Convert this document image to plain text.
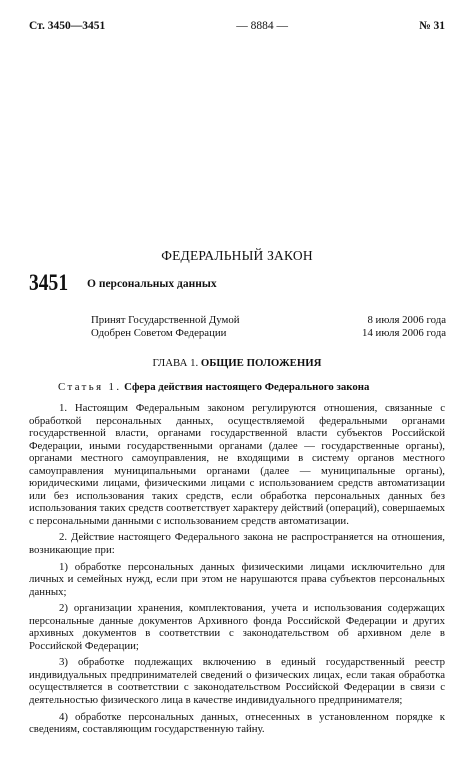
Ст. 3450—3451	— 8884 —	№ 31
ФЕДЕРАЛЬНЫЙ ЗАКОН
3451 О персональных данных
Принят Государственной Думой	8 июля 2006 года
Одобрен Советом Федерации	14 июля 2006 года
ГЛАВА 1. ОБЩИЕ ПОЛОЖЕНИЯ
Статья 1. Сфера действия настоящего Федерального закона

1. Настоящим Федеральным законом регулируются отношения, связанные с обработкой персональных данных, осуществляемой федеральными органами государственной власти, органами государственной власти субъектов Российской Федерации, иными государственными органами (далее — государственные органы), органами местного самоуправления, не входящими в систему органов местного самоуправления муниципальными органами (далее — муниципальные органы), юридическими лицами, физическими лицами с использованием средств автоматизации или без использования таких средств, если обработка персональных данных без использования таких средств соответствует характеру действий (операций), совершаемых с персональными данными с использованием средств автоматизации.

2. Действие настоящего Федерального закона не распространяется на отношения, возникающие при:

1) обработке персональных данных физическими лицами исключительно для личных и семейных нужд, если при этом не нарушаются права субъектов персональных данных;

2) организации хранения, комплектования, учета и использования содержащих персональные данные документов Архивного фонда Российской Федерации и других архивных документов в соответствии с законодательством об архивном деле в Российской Федерации;

3) обработке подлежащих включению в единый государственный реестр индивидуальных предпринимателей сведений о физических лицах, если такая обработка осуществляется в соответствии с законодательством Российской Федерации в связи с деятельностью физического лица в качестве индивидуального предпринимателя;

4) обработке персональных данных, отнесенных в установленном порядке к сведениям, составляющим государственную тайну.
